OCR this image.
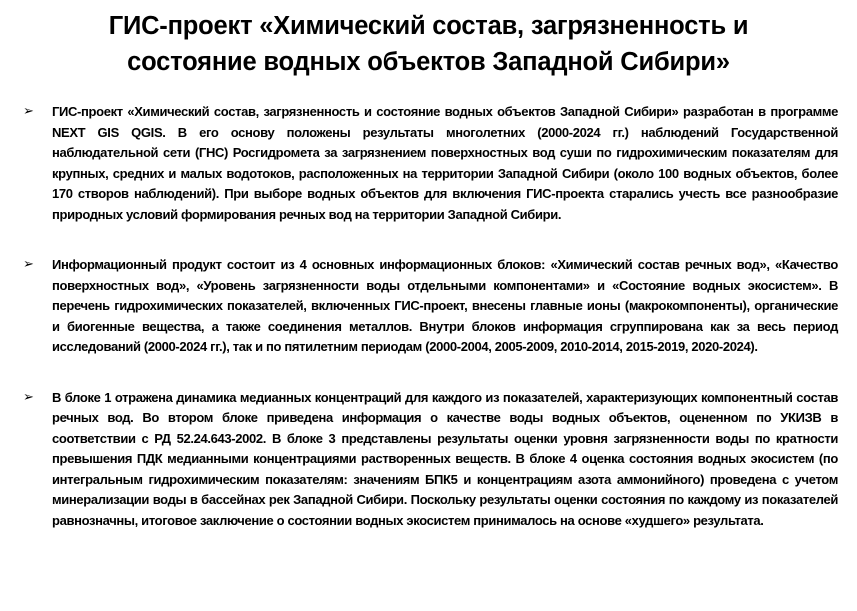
ГИС-проект «Химический состав, загрязненность и
состояние водных объектов Западной Сибири»
➢ ГИС-проект «Химический состав, загрязненность и состояние водных объектов Западной Сибири» разработан в программе NEXT GIS QGIS. В его основу положены результаты многолетних (2000-2024 гг.) наблюдений Государственной наблюдательной сети (ГНС) Росгидромета за загрязнением поверхностных вод суши по гидрохимическим показателям для крупных, средних и малых водотоков, расположенных на территории Западной Сибири (около 100 водных объектов, более 170 створов наблюдений). При выборе водных объектов для включения ГИС-проекта старались учесть все разнообразие природных условий формирования речных вод на территории Западной Сибири.
➢ Информационный продукт состоит из 4 основных информационных блоков: «Химический состав речных вод», «Качество поверхностных вод», «Уровень загрязненности воды отдельными компонентами» и «Состояние водных экосистем». В перечень гидрохимических показателей, включенных ГИС-проект, внесены главные ионы (макрокомпоненты), органические и биогенные вещества, а также соединения металлов. Внутри блоков информация сгруппирована как за весь период исследований (2000-2024 гг.), так и по пятилетним периодам (2000-2004, 2005-2009, 2010-2014, 2015-2019, 2020-2024).
➢ В блоке 1 отражена динамика медианных концентраций для каждого из показателей, характеризующих компонентный состав речных вод. Во втором блоке приведена информация о качестве воды водных объектов, оцененном по УКИЗВ в соответствии с РД 52.24.643-2002. В блоке 3 представлены результаты оценки уровня загрязненности воды по кратности превышения ПДК медианными концентрациями растворенных веществ. В блоке 4 оценка состояния водных экосистем (по интегральным гидрохимическим показателям: значениям БПК5 и концентрациям азота аммонийного) проведена с учетом минерализации воды в бассейнах рек Западной Сибири. Поскольку результаты оценки состояния по каждому из показателей равнозначны, итоговое заключение о состоянии водных экосистем принималось на основе «худшего» результата.
